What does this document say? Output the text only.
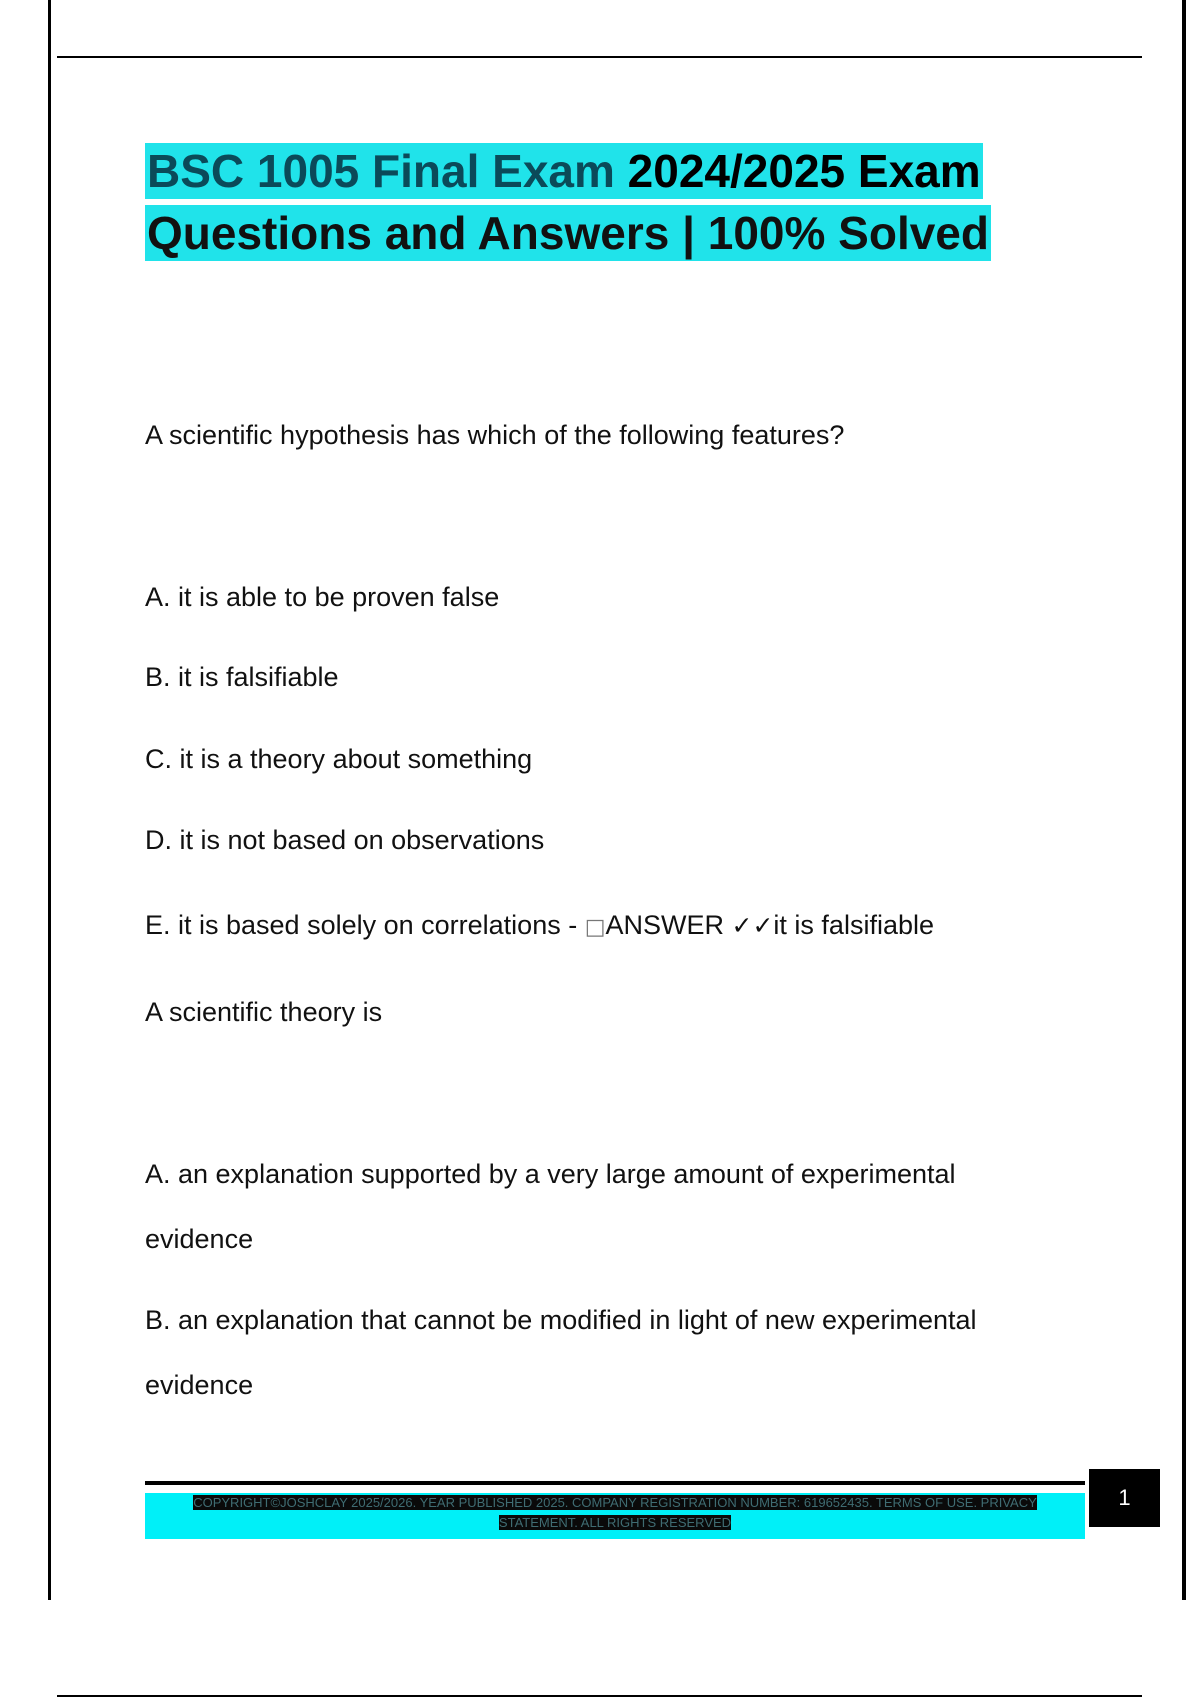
BSC 1005 Final Exam 2024/2025 Exam
Questions and Answers | 100% Solved
A scientific hypothesis has which of the following features?
A. it is able to be proven false
B. it is falsifiable
C. it is a theory about something
D. it is not based on observations
E. it is based solely on correlations - □ANSWER ✓✓it is falsifiable
A scientific theory is
A. an explanation supported by a very large amount of experimental
evidence
B. an explanation that cannot be modified in light of new experimental
evidence
COPYRIGHT©JOSHCLAY 2025/2026. YEAR PUBLISHED 2025. COMPANY REGISTRATION NUMBER: 619652435. TERMS OF USE. PRIVACY
STATEMENT. ALL RIGHTS RESERVED
1
